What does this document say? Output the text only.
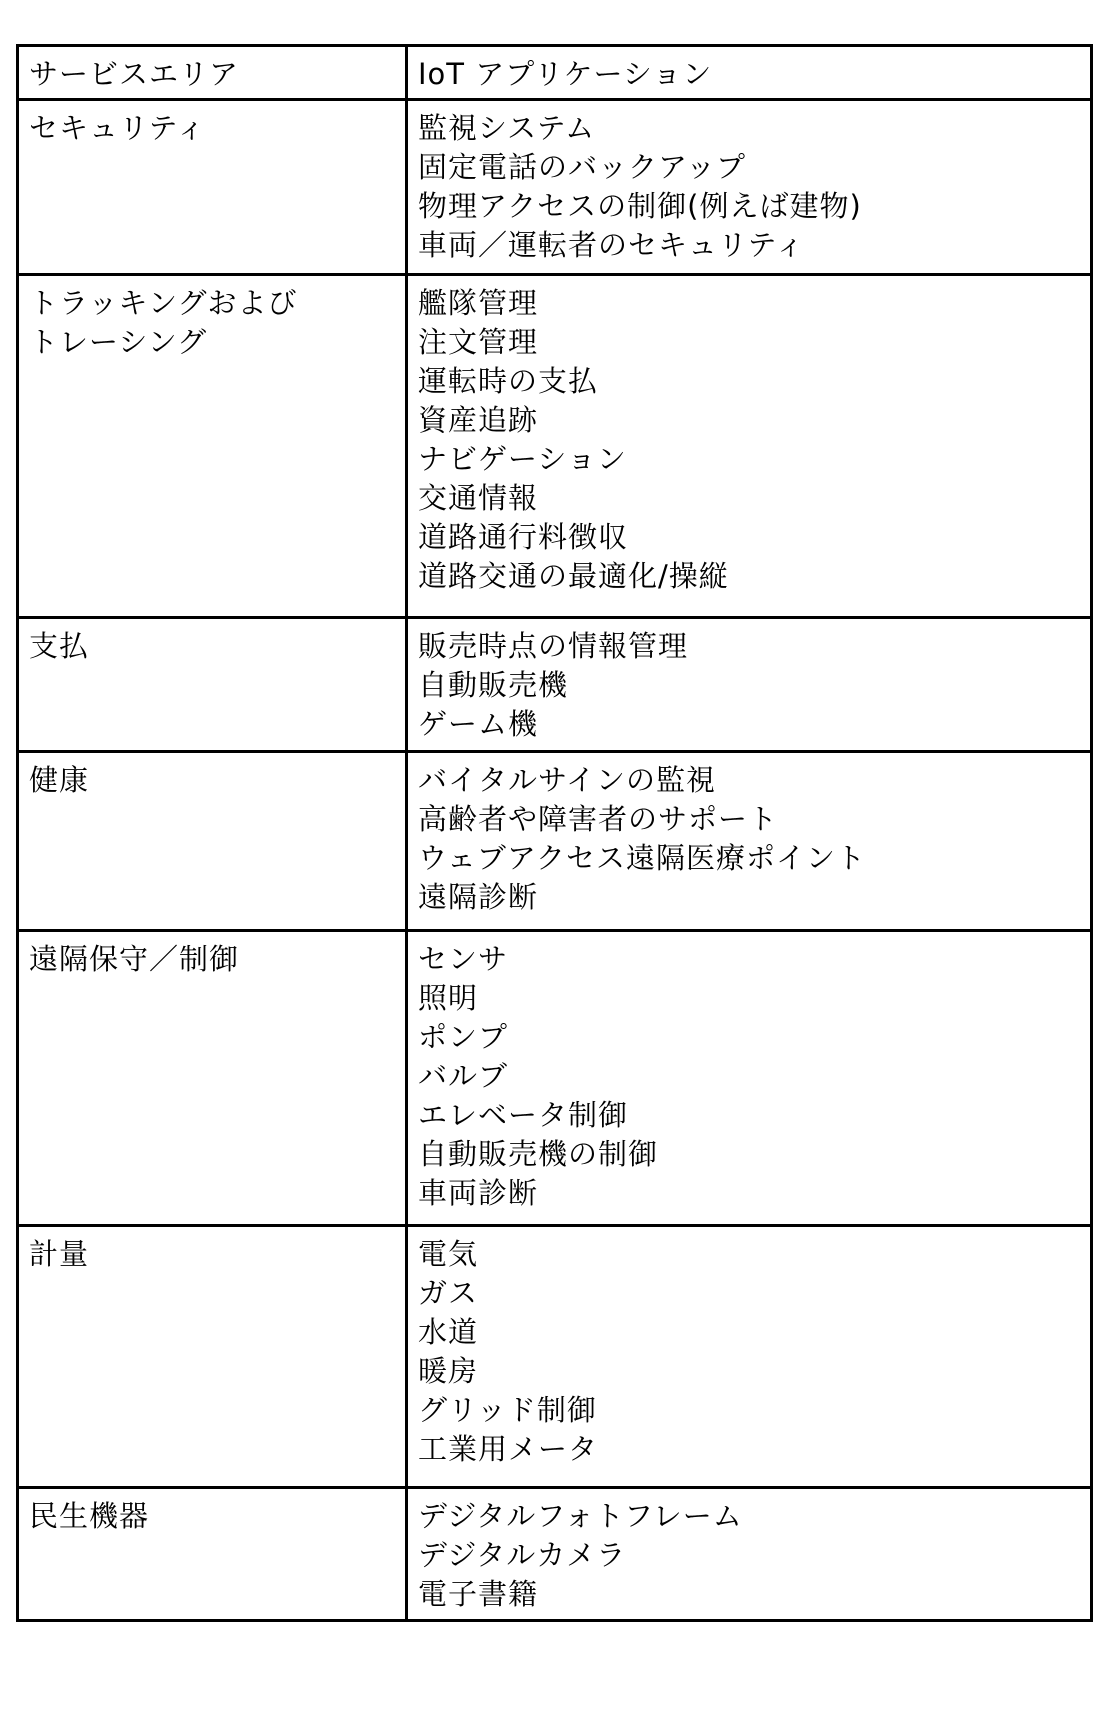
サービスエリア	IoT アプリケーション

セキュリティ	監視システム
固定電話のバックアップ
物理アクセスの制御(例えば建物)
車両／運転者のセキュリティ

トラッキングおよび
トレーシング

艦隊管理
注文管理
運転時の支払
資産追跡
ナビゲーション
交通情報
道路通行料徴収
道路交通の最適化/操縦

支払	販売時点の情報管理
自動販売機
ゲーム機

健康	バイタルサインの監視
高齢者や障害者のサポート
ウェブアクセス遠隔医療ポイント
遠隔診断

遠隔保守／制御	センサ
照明
ポンプ
バルブ
エレベータ制御
自動販売機の制御
車両診断

計量	電気
ガス
水道
暖房
グリッド制御
工業用メータ

民生機器	デジタルフォトフレーム
デジタルカメラ
電子書籍
